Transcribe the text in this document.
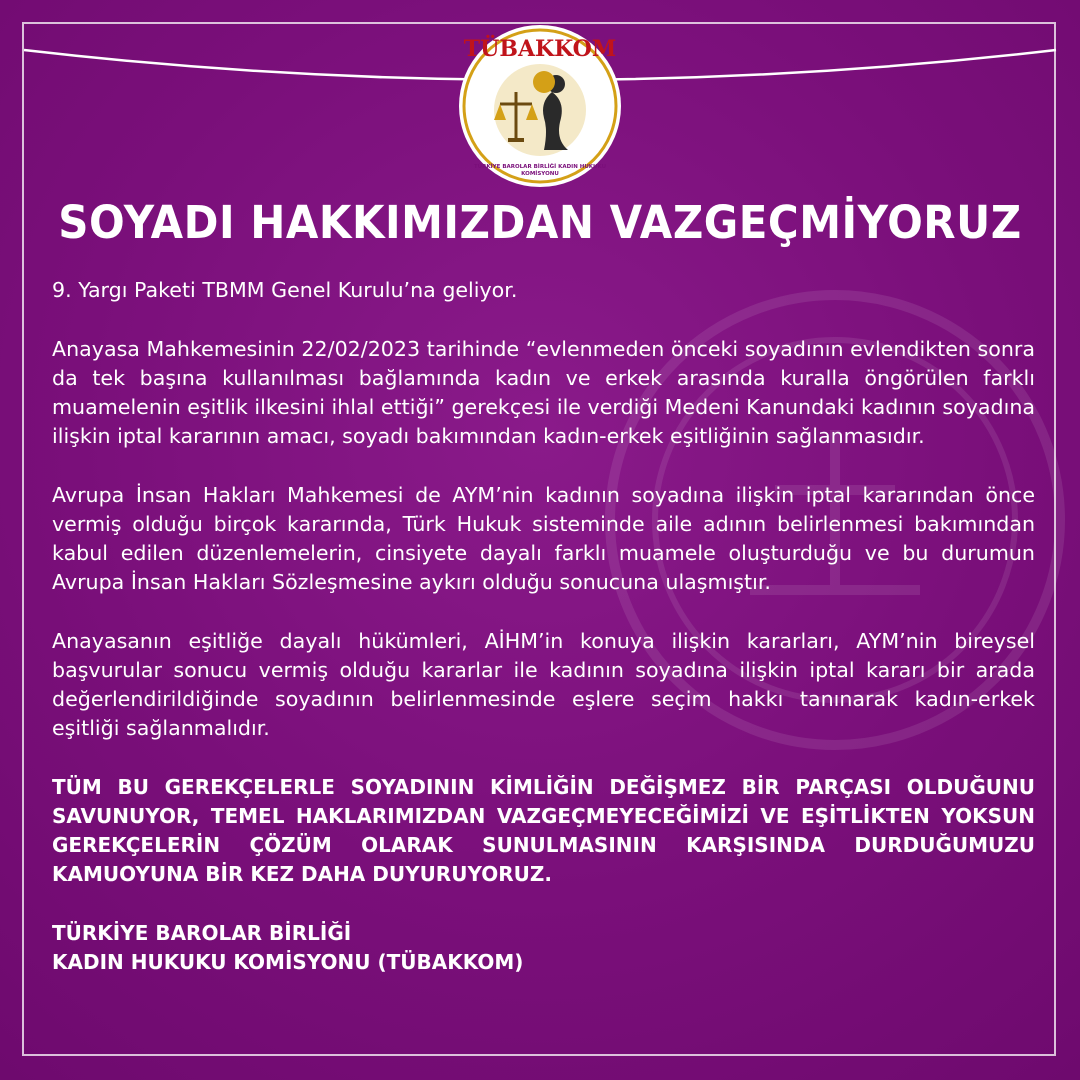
TÜBAKKOM
TÜRKİYE BAROLAR BİRLİĞİ KADIN HUKUKU KOMİSYONU
SOYADI HAKKIMIZDAN VAZGEÇMİYORUZ

9. Yargı Paketi TBMM Genel Kurulu’na geliyor.

Anayasa Mahkemesinin 22/02/2023 tarihinde “evlenmeden önceki soyadının evlendikten sonra da tek başına kullanılması bağlamında kadın ve erkek arasında kuralla öngörülen farklı muamelenin eşitlik ilkesini ihlal ettiği” gerekçesi ile verdiği Medeni Kanundaki kadının soyadına ilişkin iptal kararının amacı, soyadı bakımından kadın-erkek eşitliğinin sağlanmasıdır.

Avrupa İnsan Hakları Mahkemesi de AYM’nin kadının soyadına ilişkin iptal kararından önce vermiş olduğu birçok kararında, Türk Hukuk sisteminde aile adının belirlenmesi bakımından kabul edilen düzenlemelerin, cinsiyete dayalı farklı muamele oluşturduğu ve bu durumun Avrupa İnsan Hakları Sözleşmesine aykırı olduğu sonucuna ulaşmıştır.

Anayasanın eşitliğe dayalı hükümleri, AİHM’in konuya ilişkin kararları, AYM’nin bireysel başvurular sonucu vermiş olduğu kararlar ile kadının soyadına ilişkin iptal kararı bir arada değerlendirildiğinde soyadının belirlenmesinde eşlere seçim hakkı tanınarak kadın-erkek eşitliği sağlanmalıdır.

TÜM BU GEREKÇELERLE SOYADININ KİMLİĞİN DEĞİŞMEZ BİR PARÇASI OLDUĞUNU SAVUNUYOR, TEMEL HAKLARIMIZDAN VAZGEÇMEYECEĞİMİZİ VE EŞİTLİKTEN YOKSUN GEREKÇELERİN ÇÖZÜM OLARAK SUNULMASININ KARŞISINDA DURDUĞUMUZU KAMUOYUNA BİR KEZ DAHA DUYURUYORUZ.

TÜRKİYE BAROLAR BİRLİĞİ
KADIN HUKUKU KOMİSYONU (TÜBAKKOM)
